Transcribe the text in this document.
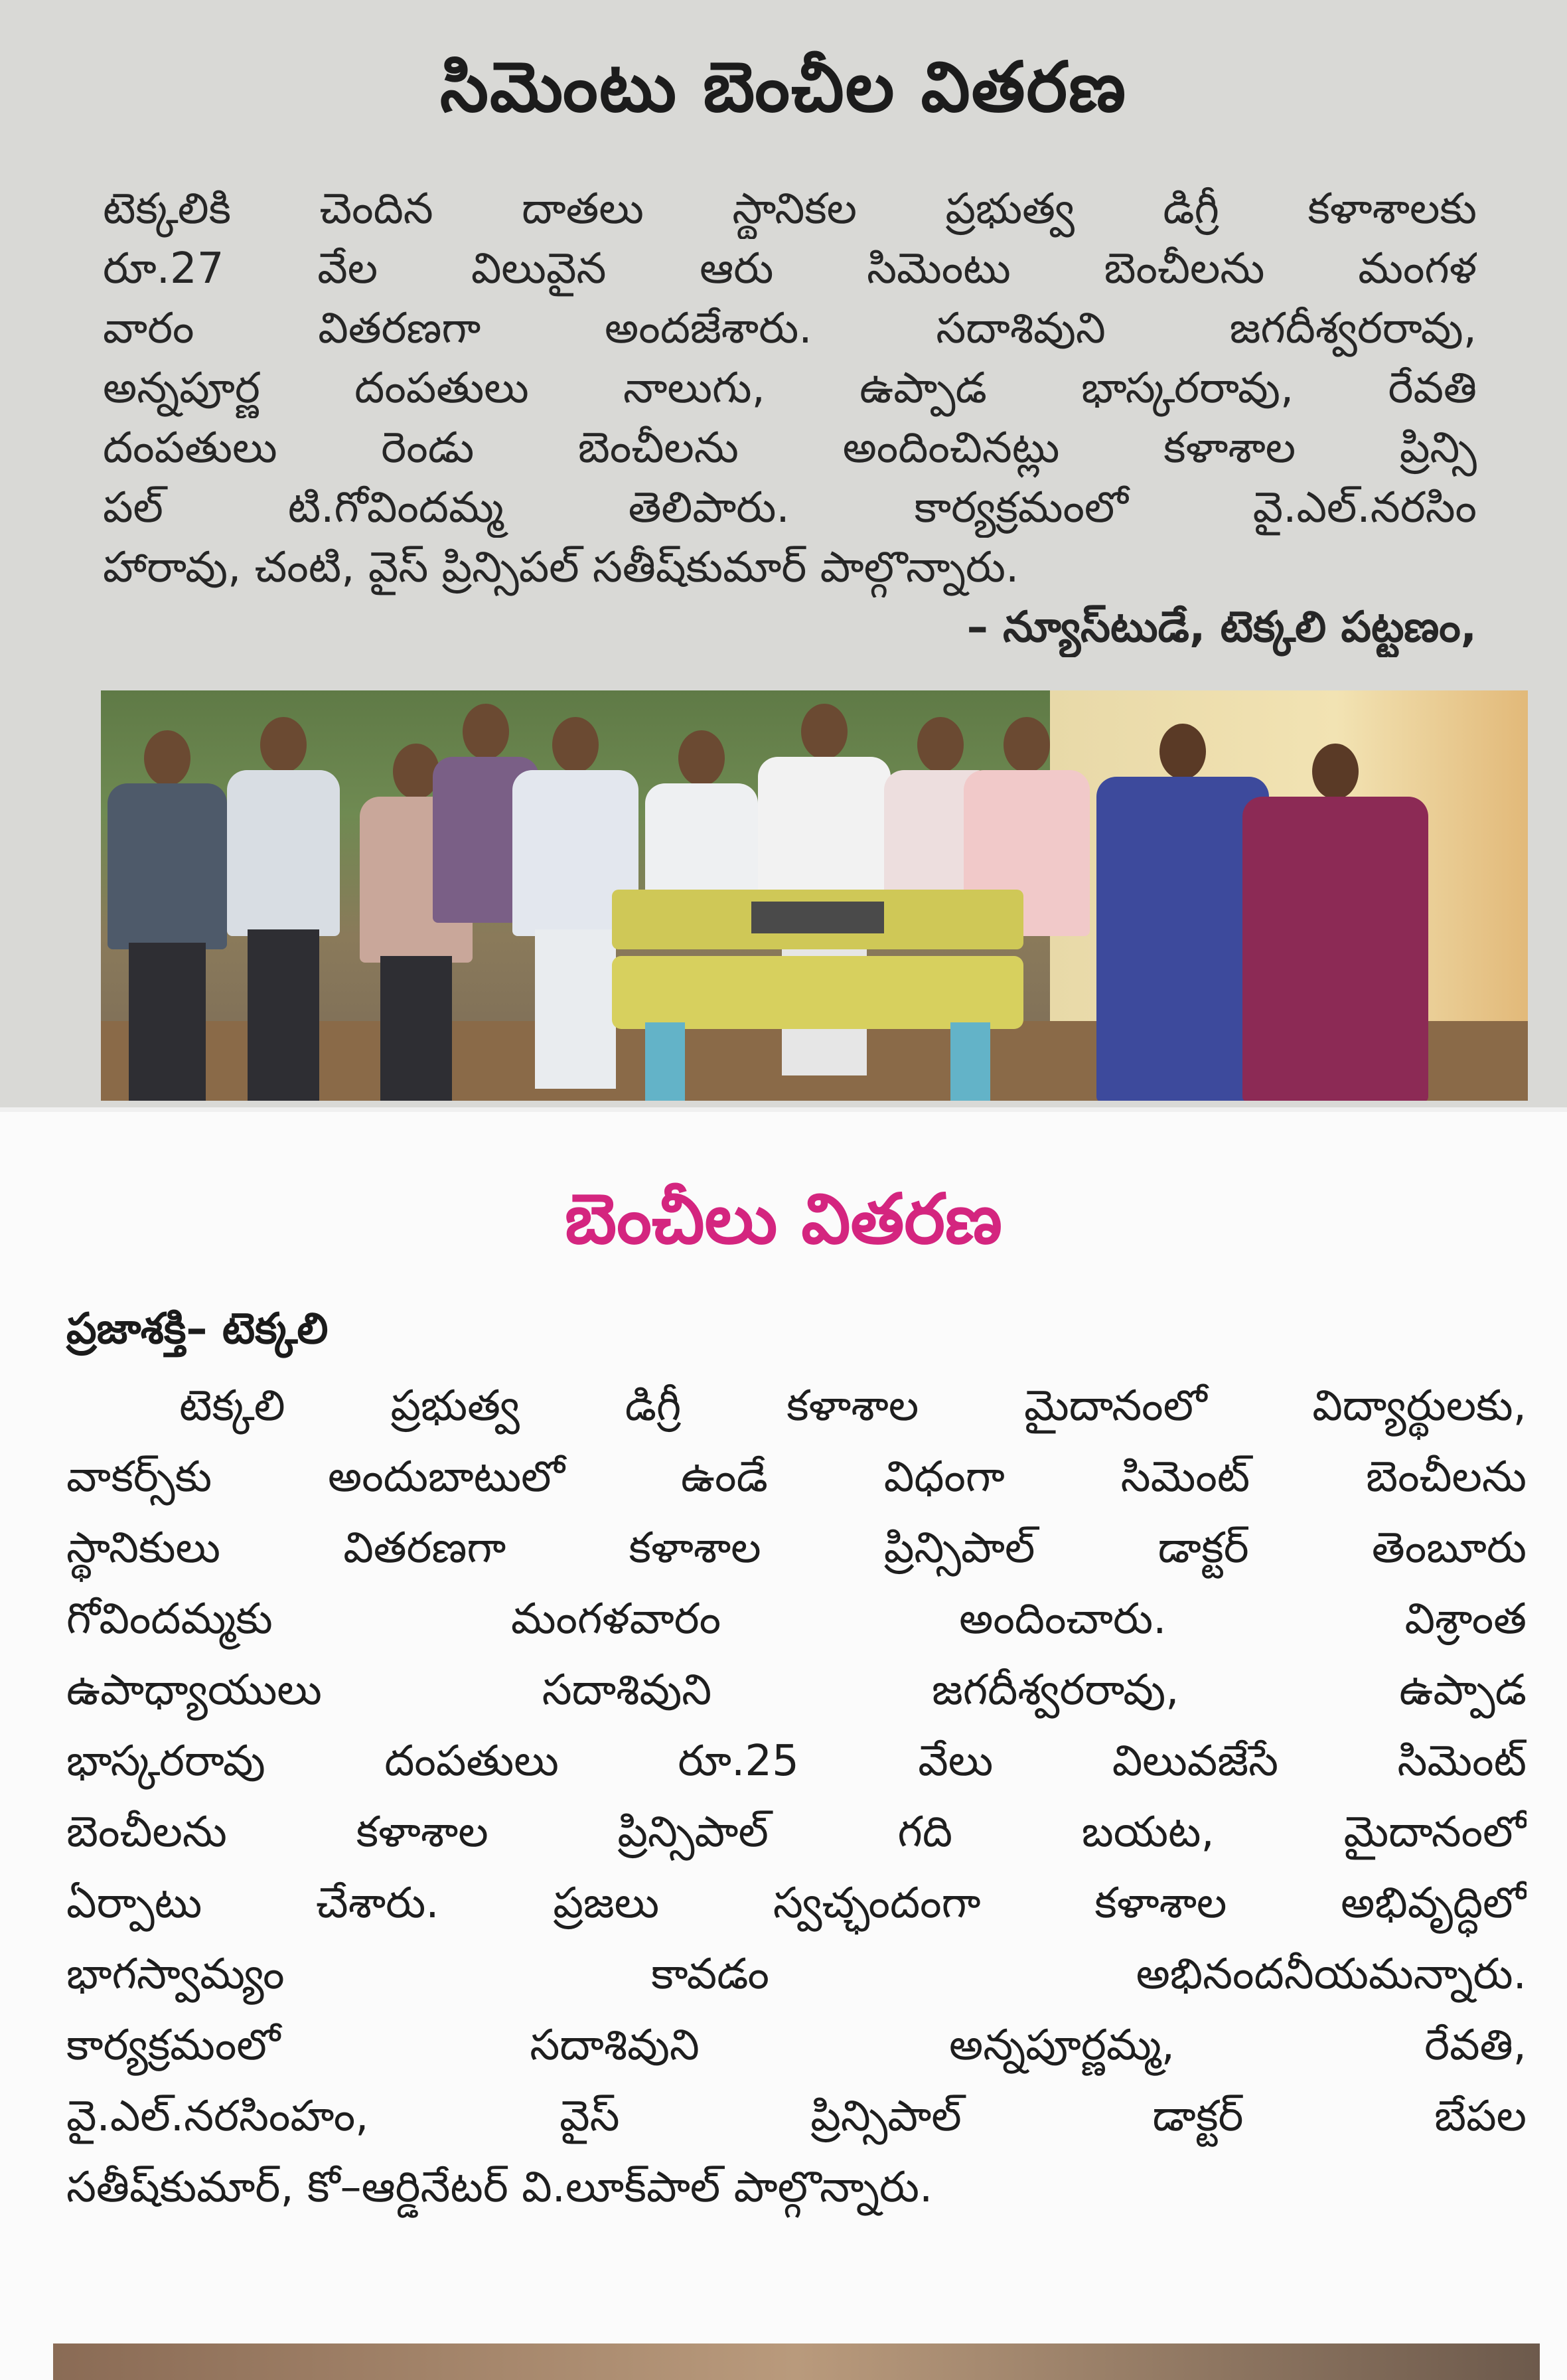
సిమెంటు బెంచీల వితరణ
టెక్కలికి చెందిన దాతలు స్థానికల ప్రభుత్వ డిగ్రీ కళాశాలకు
రూ.27 వేల విలువైన ఆరు సిమెంటు బెంచీలను మంగళ
వారం వితరణగా అందజేశారు. సదాశివుని జగదీశ్వరరావు,
అన్నపూర్ణ దంపతులు నాలుగు, ఉప్పాడ భాస్కరరావు, రేవతి
దంపతులు రెండు బెంచీలను అందించినట్లు కళాశాల ప్రిన్సి
పల్ టి.గోవిందమ్మ తెలిపారు. కార్యక్రమంలో వై.ఎల్.నరసిం
హారావు, చంటి, వైస్ ప్రిన్సిపల్ సతీష్‌కుమార్ పాల్గొన్నారు.
– న్యూస్‌టుడే, టెక్కలి పట్టణం,
బెంచీలు వితరణ
ప్రజాశక్తి– టెక్కలి
టెక్కలి ప్రభుత్వ డిగ్రీ కళాశాల మైదానంలో విద్యార్థులకు,
వాకర్స్‌కు అందుబాటులో ఉండే విధంగా సిమెంట్ బెంచీలను
స్థానికులు వితరణగా కళాశాల ప్రిన్సిపాల్ డాక్టర్ తెంబూరు
గోవిందమ్మకు మంగళవారం అందించారు. విశ్రాంత
ఉపాధ్యాయులు సదాశివుని జగదీశ్వరరావు, ఉప్పాడ
భాస్కరరావు దంపతులు రూ.25 వేలు విలువజేసే సిమెంట్
బెంచీలను కళాశాల ప్రిన్సిపాల్ గది బయట, మైదానంలో
ఏర్పాటు చేశారు. ప్రజలు స్వచ్ఛందంగా కళాశాల అభివృద్ధిలో
భాగస్వామ్యం కావడం అభినందనీయమన్నారు.
కార్యక్రమంలో సదాశివుని అన్నపూర్ణమ్మ, రేవతి,
వై.ఎల్.నరసింహం, వైస్ ప్రిన్సిపాల్ డాక్టర్ బేపల
సతీష్‌కుమార్, కో–ఆర్డినేటర్ వి.లూక్‌పాల్ పాల్గొన్నారు.
